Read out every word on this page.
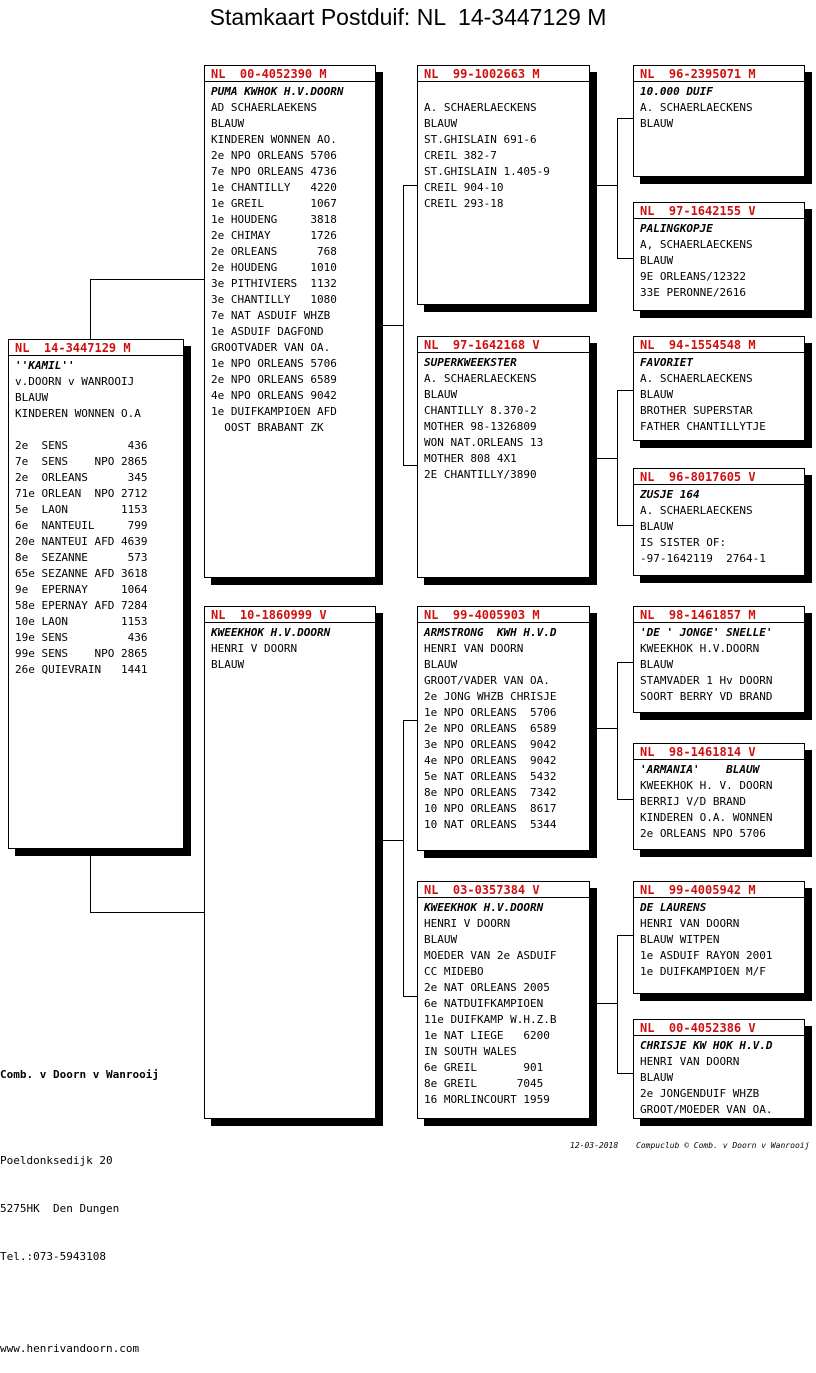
Stamkaart Postduif: NL  14-3447129 M
NL  14-3447129 M
''KAMIL''
v.DOORN v WANROOIJ
BLAUW
KINDEREN WONNEN O.A
2e  SENS         436
7e  SENS    NPO 2865
2e  ORLEANS      345
71e ORLEAN  NPO 2712
5e  LAON        1153
6e  NANTEUIL     799
20e NANTEUI AFD 4639
8e  SEZANNE      573
65e SEZANNE AFD 3618
9e  EPERNAY     1064
58e EPERNAY AFD 7284
10e LAON        1153
19e SENS         436
99e SENS    NPO 2865
26e QUIEVRAIN   1441
NL  00-4052390 M
PUMA KWHOK H.V.DOORN
AD SCHAERLAEKENS
BLAUW
KINDEREN WONNEN AO.
2e NPO ORLEANS 5706
7e NPO ORLEANS 4736
1e CHANTILLY   4220
1e GREIL       1067
1e HOUDENG     3818
2e CHIMAY      1726
2e ORLEANS      768
2e HOUDENG     1010
3e PITHIVIERS  1132
3e CHANTILLY   1080
7e NAT ASDUIF WHZB
1e ASDUIF DAGFOND
GROOTVADER VAN OA.
1e NPO ORLEANS 5706
2e NPO ORLEANS 6589
4e NPO ORLEANS 9042
1e DUIFKAMPIOEN AFD
OOST BRABANT ZK
NL  10-1860999 V
KWEEKHOK H.V.DOORN
HENRI V DOORN
BLAUW
NL  99-1002663 M
A. SCHAERLAECKENS
BLAUW
ST.GHISLAIN 691-6
CREIL 382-7
ST.GHISLAIN 1.405-9
CREIL 904-10
CREIL 293-18
NL  97-1642168 V
SUPERKWEEKSTER
A. SCHAERLAECKENS
BLAUW
CHANTILLY 8.370-2
MOTHER 98-1326809
WON NAT.ORLEANS 13
MOTHER 808 4X1
2E CHANTILLY/3890
NL  99-4005903 M
ARMSTRONG  KWH H.V.D
HENRI VAN DOORN
BLAUW
GROOT/VADER VAN OA.
2e JONG WHZB CHRISJE
1e NPO ORLEANS  5706
2e NPO ORLEANS  6589
3e NPO ORLEANS  9042
4e NPO ORLEANS  9042
5e NAT ORLEANS  5432
8e NPO ORLEANS  7342
10 NPO ORLEANS  8617
10 NAT ORLEANS  5344
NL  03-0357384 V
KWEEKHOK H.V.DOORN
HENRI V DOORN
BLAUW
MOEDER VAN 2e ASDUIF
CC MIDEBO
2e NAT ORLEANS 2005
6e NATDUIFKAMPIOEN
11e DUIFKAMP W.H.Z.B
1e NAT LIEGE   6200
IN SOUTH WALES
6e GREIL       901
8e GREIL      7045
16 MORLINCOURT 1959
NL  96-2395071 M
10.000 DUIF
A. SCHAERLAECKENS
BLAUW
NL  97-1642155 V
PALINGKOPJE
A, SCHAERLAECKENS
BLAUW
9E ORLEANS/12322
33E PERONNE/2616
NL  94-1554548 M
FAVORIET
A. SCHAERLAECKENS
BLAUW
BROTHER SUPERSTAR
FATHER CHANTILLYTJE
NL  96-8017605 V
ZUSJE 164
A. SCHAERLAECKENS
BLAUW
IS SISTER OF:
-97-1642119  2764-1
NL  98-1461857 M
'DE ' JONGE' SNELLE'
KWEEKHOK H.V.DOORN
BLAUW
STAMVADER 1 Hv DOORN
SOORT BERRY VD BRAND
NL  98-1461814 V
'ARMANIA'    BLAUW
KWEEKHOK H. V. DOORN
BERRIJ V/D BRAND
KINDEREN O.A. WONNEN
2e ORLEANS NPO 5706
NL  99-4005942 M
DE LAURENS
HENRI VAN DOORN
BLAUW WITPEN
1e ASDUIF RAYON 2001
1e DUIFKAMPIOEN M/F
NL  00-4052386 V
CHRISJE KW HOK H.V.D
HENRI VAN DOORN
BLAUW
2e JONGENDUIF WHZB
GROOT/MOEDER VAN OA.

Comb. v Doorn v Wanrooij

Poeldonksedijk 20

5275HK  Den Dungen

Tel.:073-5943108

www.henrivandoorn.com

12-03-2018 Compuclub © Comb. v Doorn v Wanrooij
